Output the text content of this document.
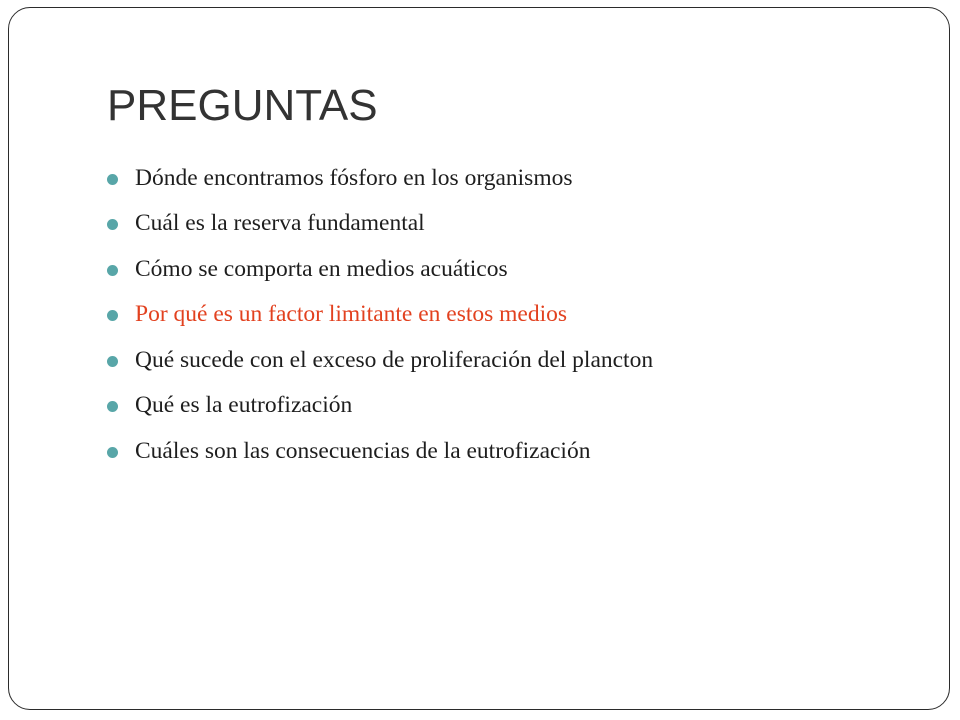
PREGUNTAS
Dónde encontramos fósforo en los organismos
Cuál es la reserva fundamental
Cómo se comporta en medios acuáticos
Por qué es un factor limitante en estos medios
Qué sucede con el exceso de proliferación del plancton
Qué es la eutrofización
Cuáles son las consecuencias de la eutrofización
